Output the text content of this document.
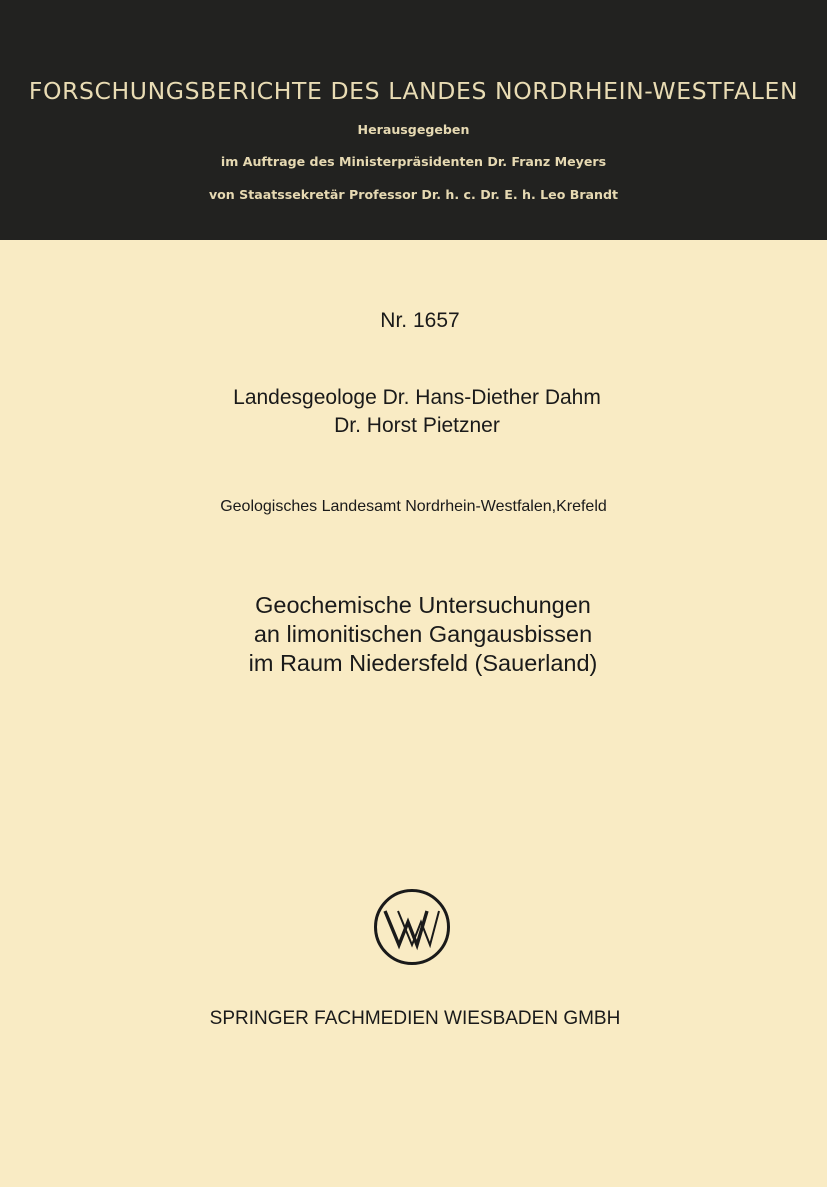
FORSCHUNGSBERICHTE DES LANDES NORDRHEIN-WESTFALEN
Herausgegeben
im Auftrage des Ministerpräsidenten Dr. Franz Meyers
von Staatssekretär Professor Dr. h. c. Dr. E. h. Leo Brandt
Nr. 1657
Landesgeologe Dr. Hans-Diether Dahm
Dr. Horst Pietzner
Geologisches Landesamt Nordrhein-Westfalen,Krefeld
Geochemische Untersuchungen
an limonitischen Gangausbissen
im Raum Niedersfeld (Sauerland)
SPRINGER FACHMEDIEN WIESBADEN GMBH
